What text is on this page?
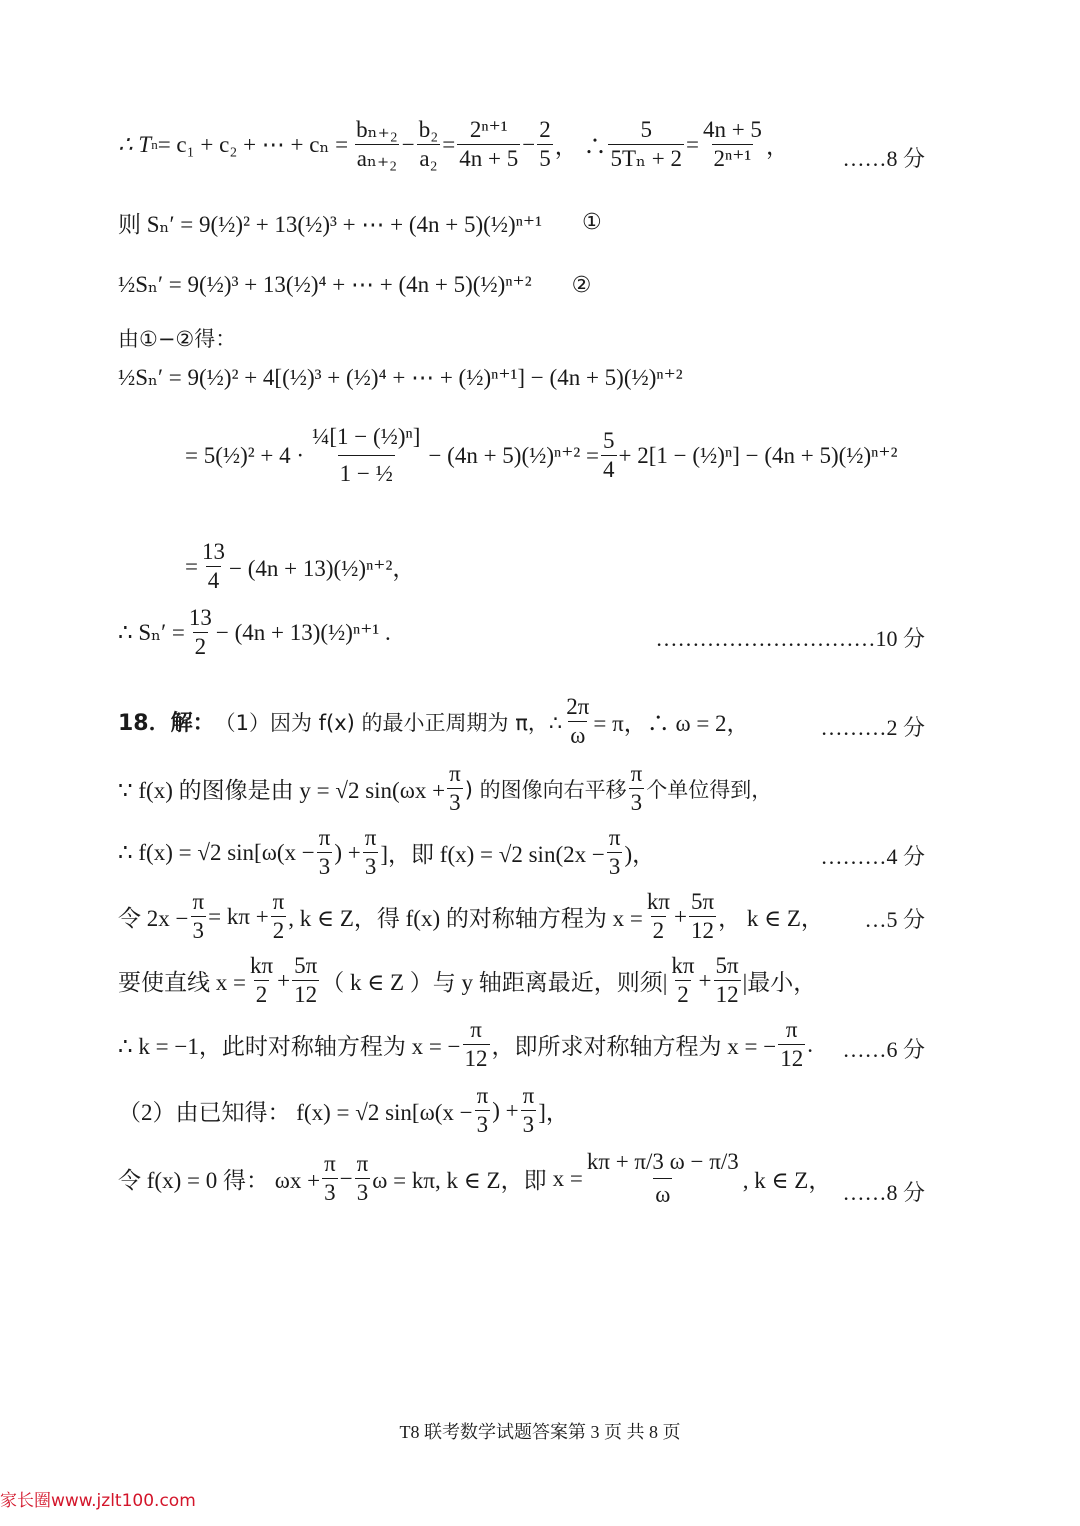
∴ T n = c₁ + c₂ + ⋯ + $c_n = \frac{\text{bₙ₊₂}}{\text{aₙ₊₂}} - \frac{\text{b₂}}{\text{a₂}} = \frac{\text{2ⁿ⁺¹}}{4n + 5} - \frac{2}{5}$ ， ∴ $\frac{5}{\text{5Tₙ + 2}} = \frac{4n + 5}{\text{2ⁿ⁺¹}}$ ， ……8 分
则 Sₙ′ = 9(½)² + 13(½)³ + ⋯ + (4n + 5)(½)ⁿ⁺¹ ①
½Sₙ′ = 9(½)³ + 13(½)⁴ + ⋯ + (4n + 5)(½)ⁿ⁺² ②
由①−②得：
½Sₙ′ = 9(½)² + 4[(½)³ + (½)⁴ + ⋯ + (½)ⁿ⁺¹] − (4n + 5)(½)ⁿ⁺²
= 5(½)² + $4 \cdot \frac{\text{¼[1 − (½)ⁿ]}}{\text{1 − ½}} - (4n$ + 5)(½)ⁿ⁺² = $\frac{5}{4} + 2[1$ − (½)ⁿ] − (4n + 5)(½)ⁿ⁺²
= $\frac{13}{4} - (4n$ + 13)(½)ⁿ⁺²，
∴ $S_n' = \frac{13}{2} - (4n$ + 13)(½)ⁿ⁺¹ .	…………………………10 分
18．解： （1）因为 f(x) 的最小正周期为 π，∴ $\frac{2\pi}{\omega} = \pi$，∴ ω = 2，	………2 分
∵ f(x) 的图像是由 y = √2 $\sin(\omega x + \frac{\pi}{3}$ ) 的图像向右平移 $\frac{\pi}{3}$ 个单位得到，
∴ f(x) = √2 $\sin[\omega(x - \frac{\pi}{3}$ ) + $\frac{\pi}{3}$ ]，即 f(x) = √2 $\sin(2x - \frac{\pi}{3}$ )，	………4 分
令 $2x - \frac{\pi}{3} = k\pi + \frac{\pi}{2}$ , k ∈ Z，得 f(x) 的对称轴方程为 $x = \frac{k\pi}{2} + \frac{5\pi}{12}$ ， k ∈ Z， …5 分
要使直线 $x = \frac{k\pi}{2} + \frac{5\pi}{12}$ （ k ∈ Z ）与 y 轴距离最近，则须| $\frac{k\pi}{2} + \frac{5\pi}{12}$ |最小，
∴ k = −1，此时对称轴方程为 x = − $\frac{\pi}{12}$ ，即所求对称轴方程为 x = − $\frac{\pi}{12}$ . ……6 分
（2）由已知得： f(x) = √2 $\sin[\omega(x - \frac{\pi}{3}$ ) + $\frac{\pi}{3}$ ]，
令 f(x) = 0 得： $\omega x + \frac{\pi}{3} - \frac{\pi}{3}$ ω = kπ, k ∈ Z，即 $x = \frac{k\pi + \pi/3 \omega - \pi/3}{\omega}$ , k ∈ Z， ……8 分
T8 联考数学试题答案第 3 页 共 8 页
家长圈www.jzlt100.com
